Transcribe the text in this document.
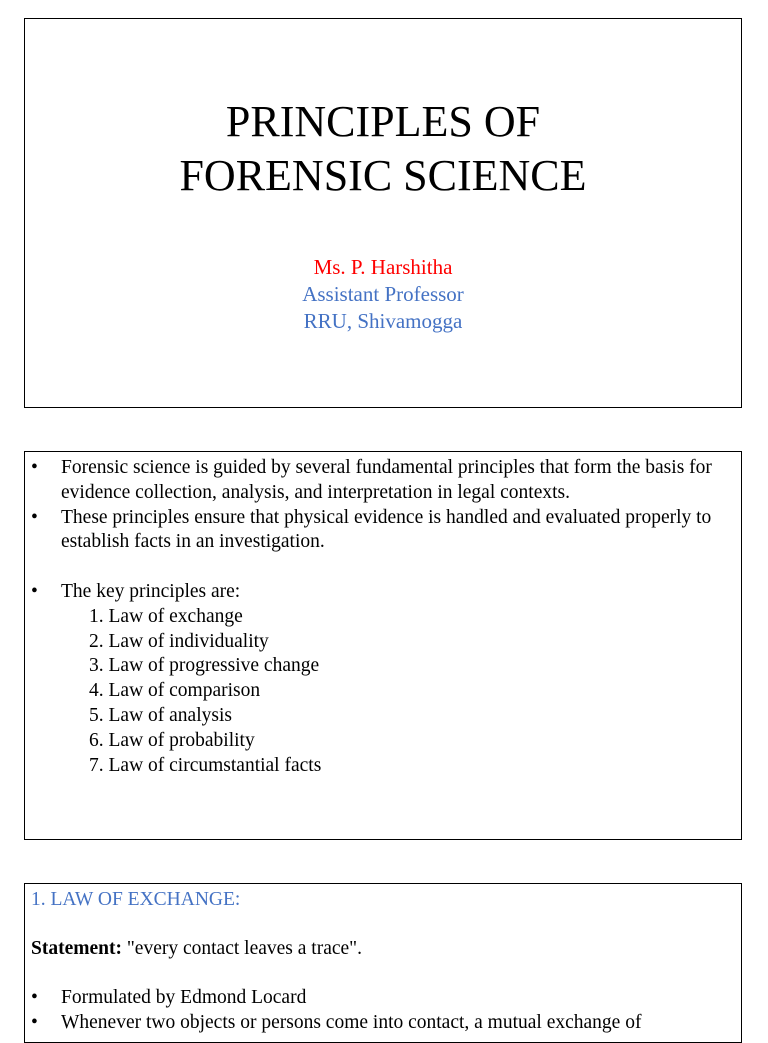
PRINCIPLES OF
FORENSIC SCIENCE
Ms. P. Harshitha
Assistant Professor
RRU, Shivamogga
• Forensic science is guided by several fundamental principles that form the basis for evidence collection, analysis, and interpretation in legal contexts.
• These principles ensure that physical evidence is handled and evaluated properly to establish facts in an investigation.
• The key principles are:
1. Law of exchange
2. Law of individuality
3. Law of progressive change
4. Law of comparison
5. Law of analysis
6. Law of probability
7. Law of circumstantial facts
1. LAW OF EXCHANGE:
Statement: "every contact leaves a trace".
• Formulated by Edmond Locard
• Whenever two objects or persons come into contact, a mutual exchange of
